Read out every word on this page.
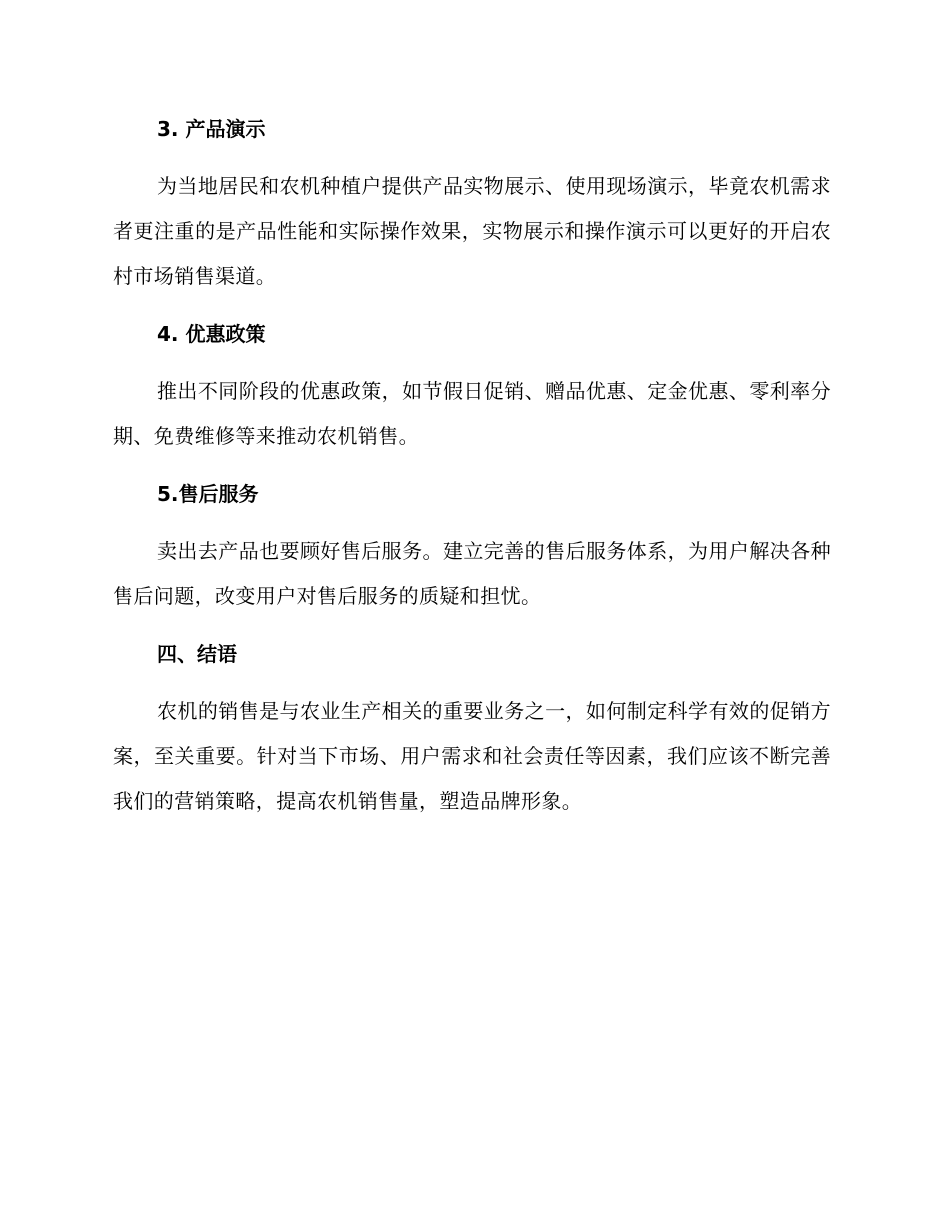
3. 产品演示
为当地居民和农机种植户提供产品实物展示、使用现场演示，毕竟农机需求者更注重的是产品性能和实际操作效果，实物展示和操作演示可以更好的开启农村市场销售渠道。
4. 优惠政策
推出不同阶段的优惠政策，如节假日促销、赠品优惠、定金优惠、零利率分期、免费维修等来推动农机销售。
5.售后服务
卖出去产品也要顾好售后服务。建立完善的售后服务体系，为用户解决各种售后问题，改变用户对售后服务的质疑和担忧。
四、结语
农机的销售是与农业生产相关的重要业务之一，如何制定科学有效的促销方案，至关重要。针对当下市场、用户需求和社会责任等因素，我们应该不断完善我们的营销策略，提高农机销售量，塑造品牌形象。
